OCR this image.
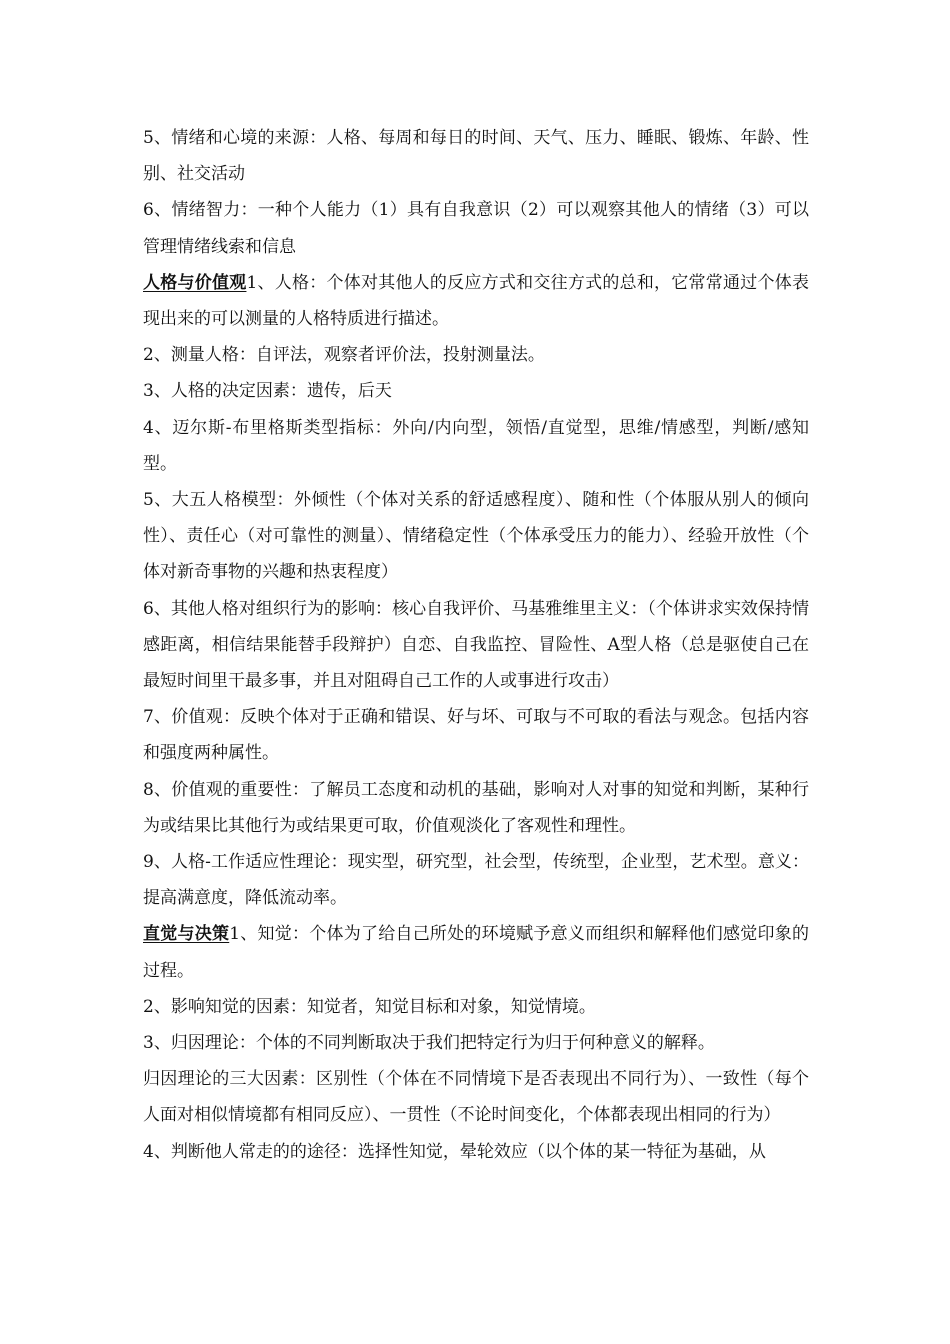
5、情绪和心境的来源：人格、每周和每日的时间、天气、压力、睡眠、锻炼、年龄、性别、社交活动

6、情绪智力：一种个人能力（1）具有自我意识（2）可以观察其他人的情绪（3）可以管理情绪线索和信息

人格与价值观1、人格：个体对其他人的反应方式和交往方式的总和，它常常通过个体表现出来的可以测量的人格特质进行描述。

2、测量人格：自评法，观察者评价法，投射测量法。

3、人格的决定因素：遗传，后天

4、迈尔斯-布里格斯类型指标：外向/内向型，领悟/直觉型，思维/情感型，判断/感知型。

5、大五人格模型：外倾性（个体对关系的舒适感程度）、随和性（个体服从别人的倾向性）、责任心（对可靠性的测量）、情绪稳定性（个体承受压力的能力）、经验开放性（个体对新奇事物的兴趣和热衷程度）

6、其他人格对组织行为的影响：核心自我评价、马基雅维里主义：（个体讲求实效保持情感距离，相信结果能替手段辩护）自恋、自我监控、冒险性、A型人格（总是驱使自己在最短时间里干最多事，并且对阻碍自己工作的人或事进行攻击）

7、价值观：反映个体对于正确和错误、好与坏、可取与不可取的看法与观念。包括内容和强度两种属性。

8、价值观的重要性：了解员工态度和动机的基础，影响对人对事的知觉和判断，某种行为或结果比其他行为或结果更可取，价值观淡化了客观性和理性。

9、人格-工作适应性理论：现实型，研究型，社会型，传统型，企业型，艺术型。意义：提高满意度，降低流动率。

直觉与决策1、知觉：个体为了给自己所处的环境赋予意义而组织和解释他们感觉印象的过程。

2、影响知觉的因素：知觉者，知觉目标和对象，知觉情境。

3、归因理论：个体的不同判断取决于我们把特定行为归于何种意义的解释。

归因理论的三大因素：区别性（个体在不同情境下是否表现出不同行为）、一致性（每个人面对相似情境都有相同反应）、一贯性（不论时间变化，个体都表现出相同的行为）

4、判断他人常走的的途径：选择性知觉，晕轮效应（以个体的某一特征为基础，从
